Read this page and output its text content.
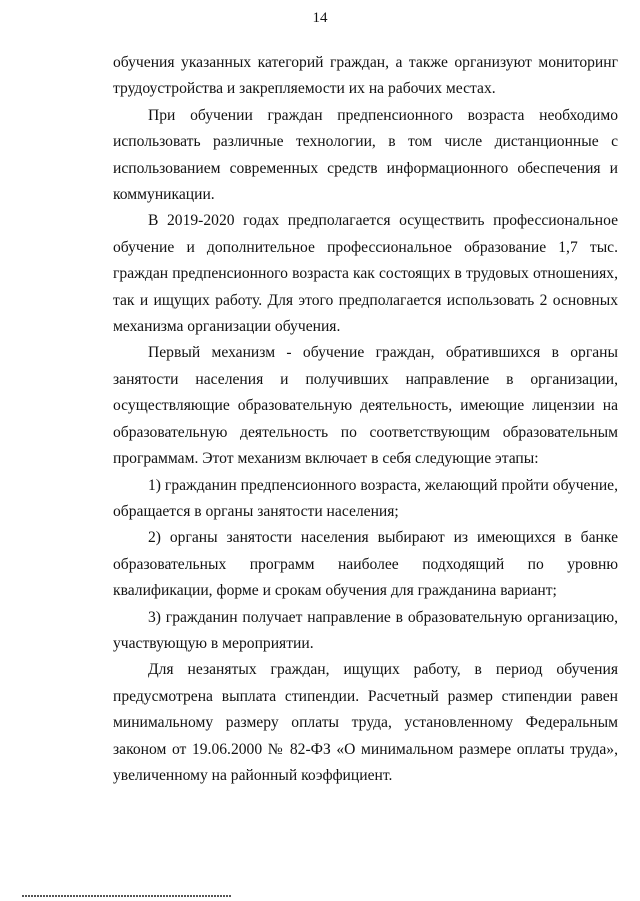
14

обучения указанных категорий граждан, а также организуют мониторинг трудоустройства и закрепляемости их на рабочих местах.

При обучении граждан предпенсионного возраста необходимо использовать различные технологии, в том числе дистанционные с использованием современных средств информационного обеспечения и коммуникации.

В 2019-2020 годах предполагается осуществить профессиональное обучение и дополнительное профессиональное образование 1,7 тыс. граждан предпенсионного возраста как состоящих в трудовых отношениях, так и ищущих работу. Для этого предполагается использовать 2 основных механизма организации обучения.

Первый механизм - обучение граждан, обратившихся в органы занятости населения и получивших направление в организации, осуществляющие образовательную деятельность, имеющие лицензии на образовательную деятельность по соответствующим образовательным программам. Этот механизм включает в себя следующие этапы:

1) гражданин предпенсионного возраста, желающий пройти обучение, обращается в органы занятости населения;

2) органы занятости населения выбирают из имеющихся в банке образовательных программ наиболее подходящий по уровню квалификации, форме и срокам обучения для гражданина вариант;

3) гражданин получает направление в образовательную организацию, участвующую в мероприятии.

Для незанятых граждан, ищущих работу, в период обучения предусмотрена выплата стипендии. Расчетный размер стипендии равен минимальному размеру оплаты труда, установленному Федеральным законом от 19.06.2000 № 82-ФЗ «О минимальном размере оплаты труда», увеличенному на районный коэффициент.
